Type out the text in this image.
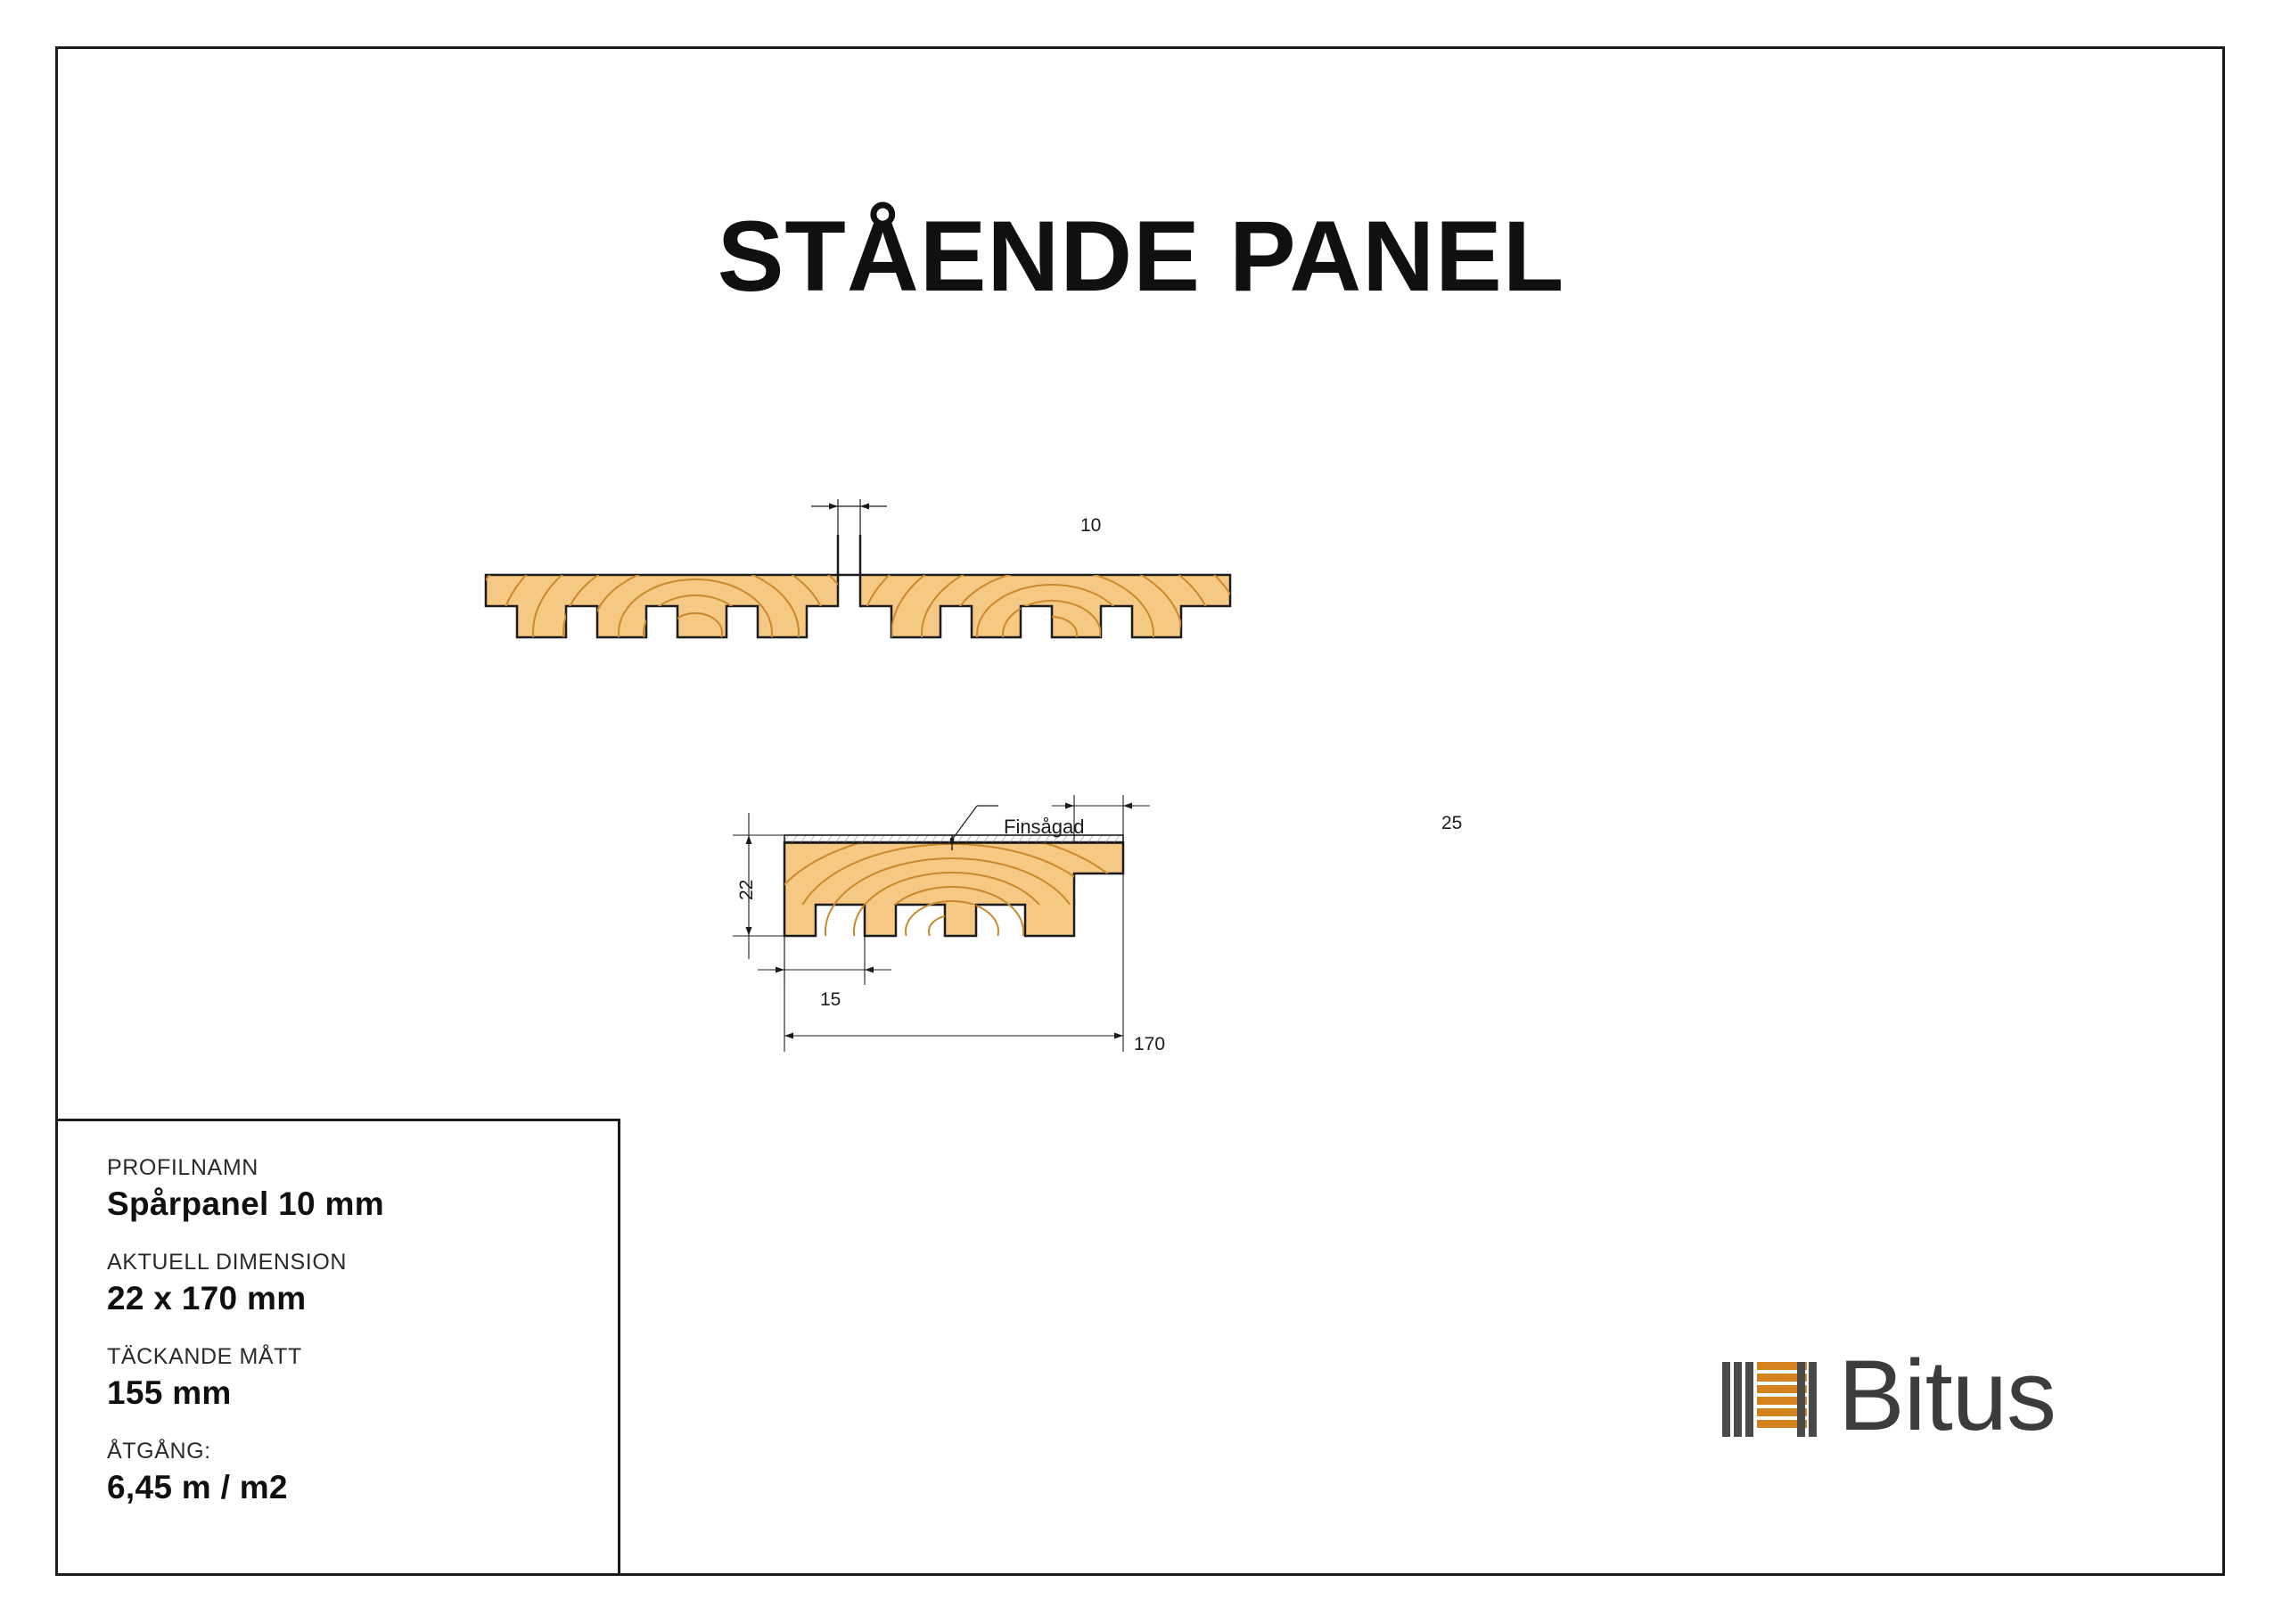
STÅENDE PANEL
10
Finsågad
22
15
25
170
PROFILNAMN
Spårpanel 10 mm
AKTUELL DIMENSION
22 x 170 mm
TÄCKANDE MÅTT
155 mm
ÅTGÅNG:
6,45 m / m2
Bitus
